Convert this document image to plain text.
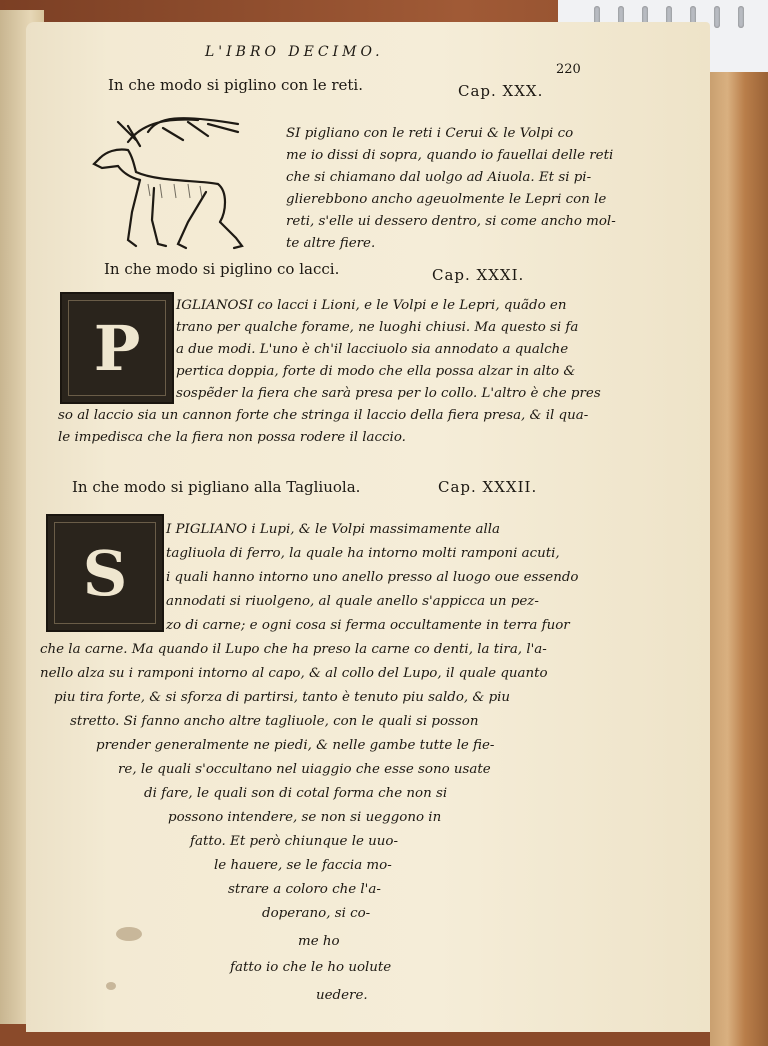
L'IBRO DECIMO.
220
In che modo si piglino con le reti.	Cap. XXX.
SI pigliano con le reti i Cerui & le Volpi co
me io dissi di sopra, quando io fauellai delle reti
che si chiamano dal uolgo ad Aiuola. Et si pi-
glierebbono ancho ageuolmente le Lepri con le
reti, s'elle ui dessero dentro, si come ancho mol-
te altre fiere.
In che modo si piglino co lacci.	Cap. XXXI.
P
IGLIANOSI co lacci i Lioni, e le Volpi e le Lepri, quãdo en
trano per qualche forame, ne luoghi chiusi. Ma questo si fa
a due modi. L'uno è ch'il lacciuolo sia annodato a qualche
pertica doppia, forte di modo che ella possa alzar in alto &
sospẽder la fiera che sarà presa per lo collo. L'altro è che pres
so al laccio sia un cannon forte che stringa il laccio della fiera presa, & il qua-
le impedisca che la fiera non possa rodere il laccio.
In che modo si pigliano alla Tagliuola.	Cap. XXXII.
S
I PIGLIANO i Lupi, & le Volpi massimamente alla
tagliuola di ferro, la quale ha intorno molti ramponi acuti,
i quali hanno intorno uno anello presso al luogo oue essendo
annodati si riuolgeno, al quale anello s'appicca un pez-
zo di carne; e ogni cosa si ferma occultamente in terra fuor
che la carne. Ma quando il Lupo che ha preso la carne co denti, la tira, l'a-
nello alza su i ramponi intorno al capo, & al collo del Lupo, il quale quanto
piu tira forte, & si sforza di partirsi, tanto è tenuto piu saldo, & piu
stretto. Si fanno ancho altre tagliuole, con le quali si posson
prender generalmente ne piedi, & nelle gambe tutte le fie-
re, le quali s'occultano nel uiaggio che esse sono usate
di fare, le quali son di cotal forma che non si
possono intendere, se non si ueggono in
fatto. Et però chiunque le uuo-
le hauere, se le faccia mo-
strare a coloro che l'a-
doperano, si co-
me ho
fatto io che le ho uolute
uedere.
